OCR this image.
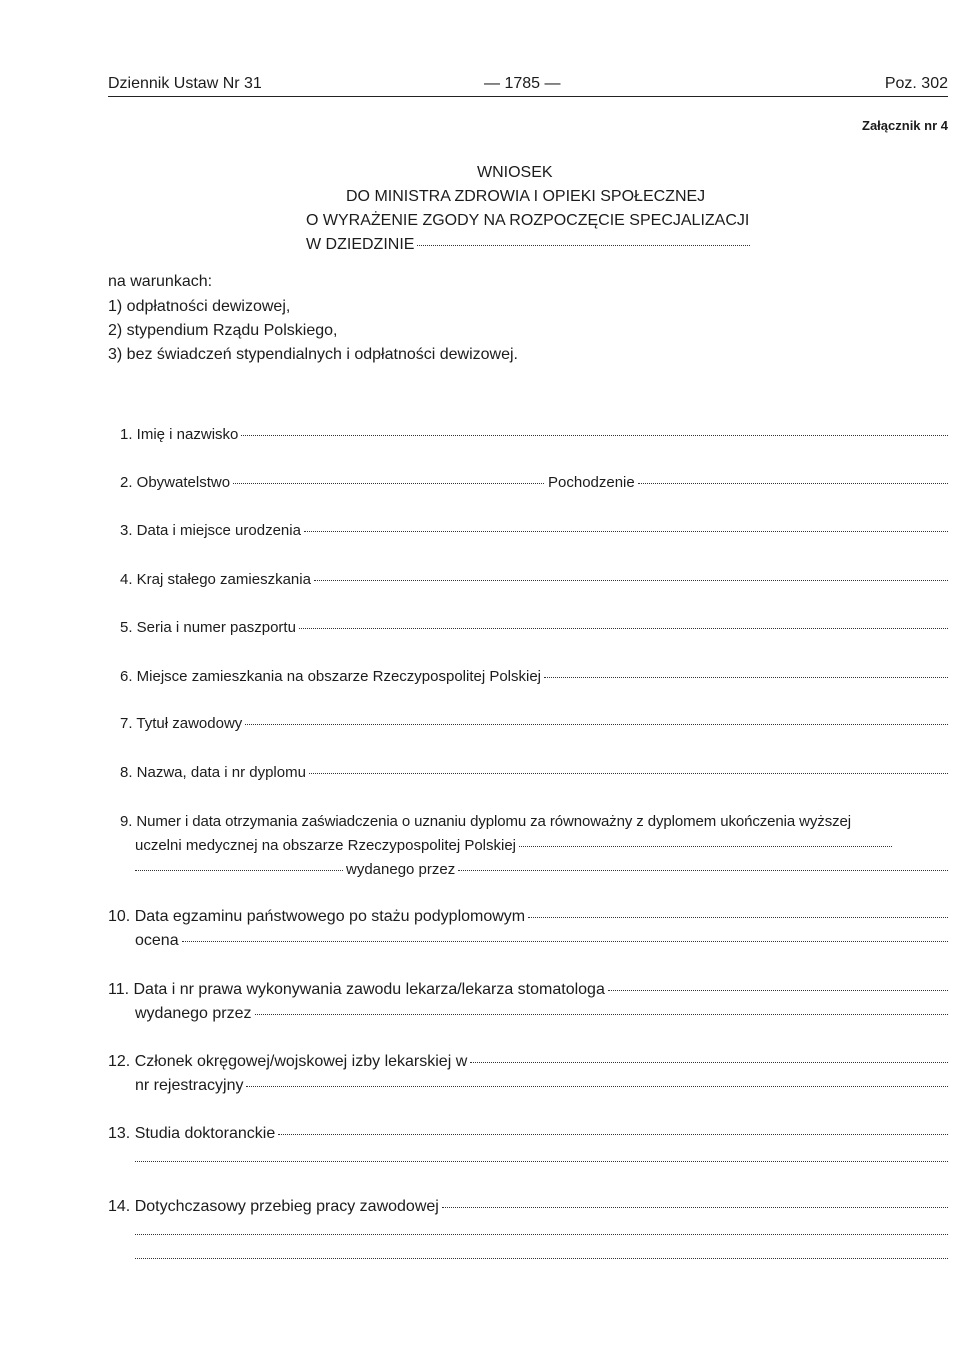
Dziennik Ustaw Nr 31	— 1785 —	Poz. 302
Załącznik nr 4
WNIOSEK
DO MINISTRA ZDROWIA I OPIEKI SPOŁECZNEJ
O WYRAŻENIE ZGODY NA ROZPOCZĘCIE SPECJALIZACJI
W DZIEDZINIE
na warunkach:
1) odpłatności dewizowej,
2) stypendium Rządu Polskiego,
3) bez świadczeń stypendialnych i odpłatności dewizowej.
1. Imię i nazwisko
2. Obywatelstwo	Pochodzenie
3. Data i miejsce urodzenia
4. Kraj stałego zamieszkania
5. Seria i numer paszportu
6. Miejsce zamieszkania na obszarze Rzeczypospolitej Polskiej
7. Tytuł zawodowy
8. Nazwa, data i nr dyplomu
9. Numer i data otrzymania zaświadczenia o uznaniu dyplomu za równoważny z dyplomem ukończenia wyższej
uczelni medycznej na obszarze Rzeczypospolitej Polskiej
wydanego przez
10. Data egzaminu państwowego po stażu podyplomowym
ocena
11. Data i nr prawa wykonywania zawodu lekarza/lekarza stomatologa
wydanego przez
12. Członek okręgowej/wojskowej izby lekarskiej w
nr rejestracyjny
13. Studia doktoranckie
14. Dotychczasowy przebieg pracy zawodowej
